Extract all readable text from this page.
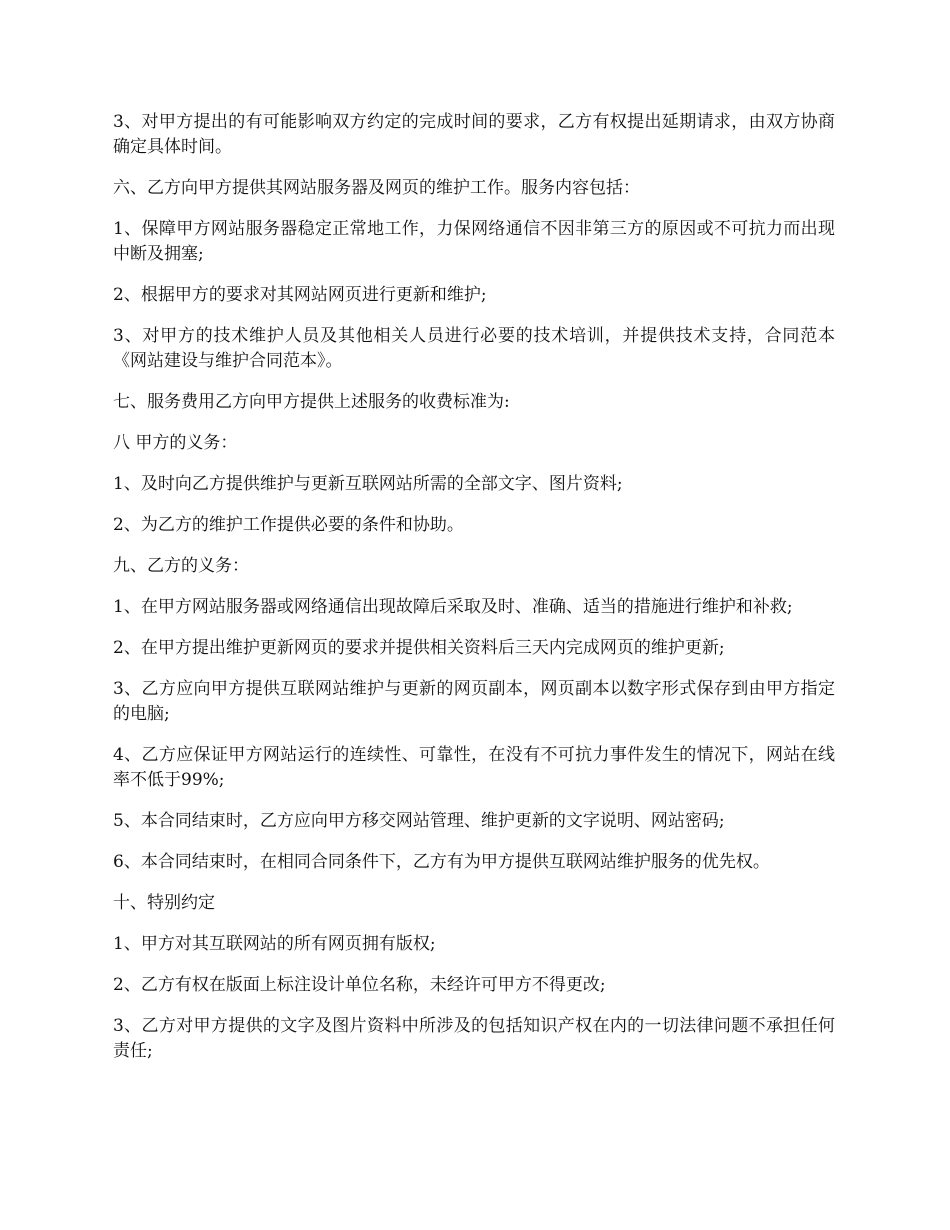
3、对甲方提出的有可能影响双方约定的完成时间的要求，乙方有权提出延期请求，由双方协商确定具体时间。

六、乙方向甲方提供其网站服务器及网页的维护工作。服务内容包括：

1、保障甲方网站服务器稳定正常地工作，力保网络通信不因非第三方的原因或不可抗力而出现中断及拥塞;

2、根据甲方的要求对其网站网页进行更新和维护;

3、对甲方的技术维护人员及其他相关人员进行必要的技术培训，并提供技术支持，合同范本《网站建设与维护合同范本》。

七、服务费用乙方向甲方提供上述服务的收费标准为:

八 甲方的义务：

1、及时向乙方提供维护与更新互联网站所需的全部文字、图片资料;

2、为乙方的维护工作提供必要的条件和协助。

九、乙方的义务：

1、在甲方网站服务器或网络通信出现故障后采取及时、准确、适当的措施进行维护和补救;

2、在甲方提出维护更新网页的要求并提供相关资料后三天内完成网页的维护更新;

3、乙方应向甲方提供互联网站维护与更新的网页副本，网页副本以数字形式保存到由甲方指定的电脑;

4、乙方应保证甲方网站运行的连续性、可靠性，在没有不可抗力事件发生的情况下，网站在线率不低于99%;

5、本合同结束时，乙方应向甲方移交网站管理、维护更新的文字说明、网站密码;

6、本合同结束时，在相同合同条件下，乙方有为甲方提供互联网站维护服务的优先权。

十、特别约定

1、甲方对其互联网站的所有网页拥有版权;

2、乙方有权在版面上标注设计单位名称，未经许可甲方不得更改;

3、乙方对甲方提供的文字及图片资料中所涉及的包括知识产权在内的一切法律问题不承担任何责任;
